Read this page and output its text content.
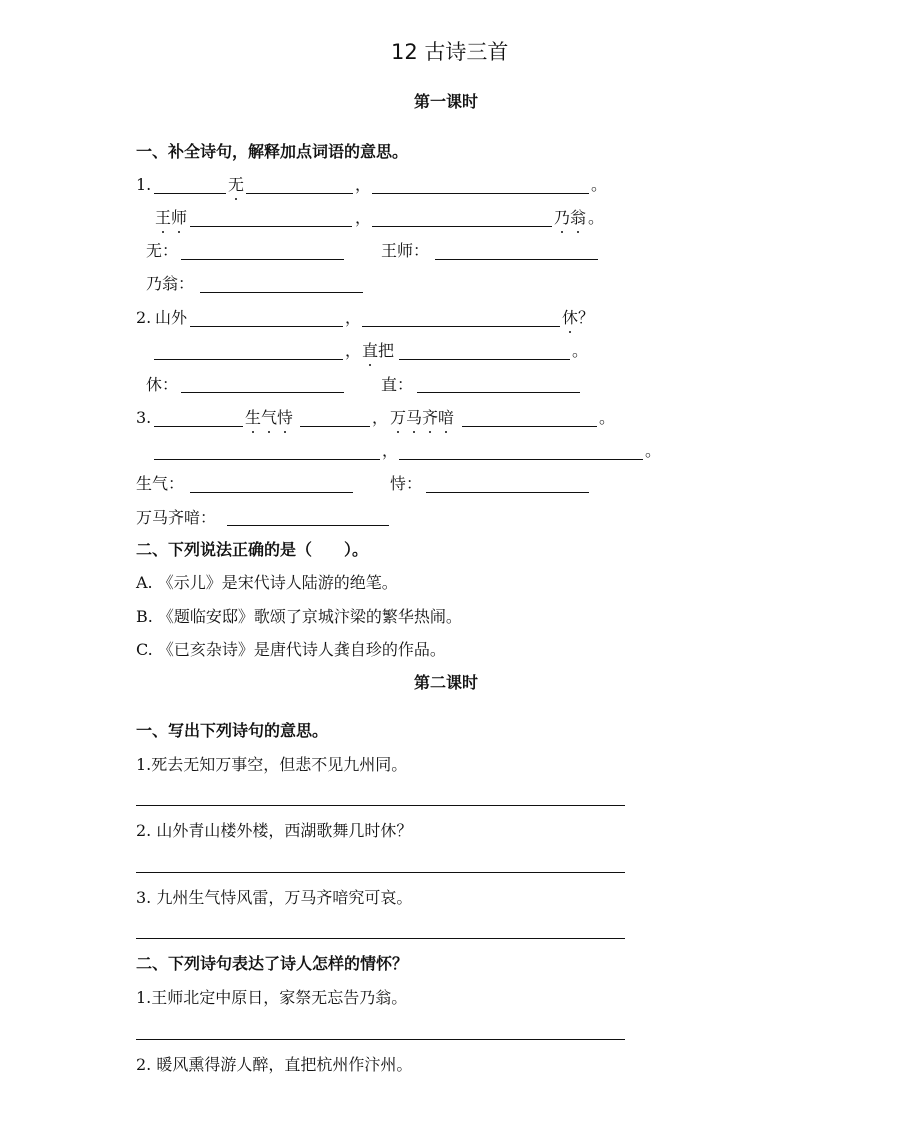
12 古诗三首
第一课时
一、补全诗句，解释加点词语的意思。
1.	无	，	。
王师	，	乃翁 。
无：	王师：
乃翁：
2. 山外	，	休？
， 直把	。
休：	直：
3.	生气恃	， 万马齐喑	。
，	。
生气：	恃：
万马齐喑：
二、下列说法正确的是（　　）。
A. 《示儿》是宋代诗人陆游的绝笔。
B. 《题临安邸》歌颂了京城汴梁的繁华热闹。
C. 《已亥杂诗》是唐代诗人龚自珍的作品。
第二课时
一、写出下列诗句的意思。
1.死去无知万事空，但悲不见九州同。
2. 山外青山楼外楼，西湖歌舞几时休？
3. 九州生气恃风雷，万马齐喑究可哀。
二、下列诗句表达了诗人怎样的情怀？
1.王师北定中原日，家祭无忘告乃翁。
2. 暖风熏得游人醉，直把杭州作汴州。
